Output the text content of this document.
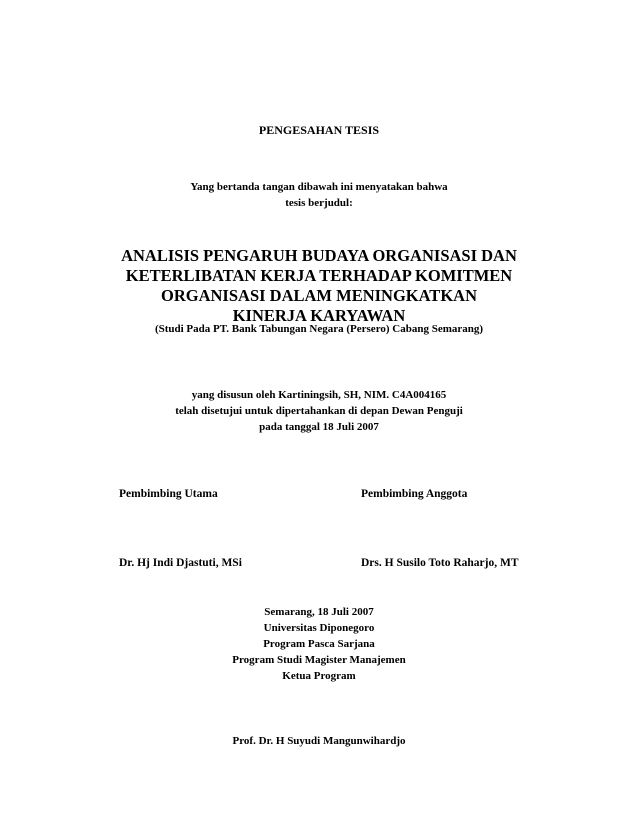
PENGESAHAN TESIS
Yang bertanda tangan dibawah ini menyatakan bahwa
tesis berjudul:
ANALISIS PENGARUH BUDAYA ORGANISASI DAN
KETERLIBATAN KERJA TERHADAP KOMITMEN
ORGANISASI DALAM MENINGKATKAN
KINERJA KARYAWAN
(Studi Pada PT. Bank Tabungan Negara (Persero) Cabang Semarang)
yang disusun oleh Kartiningsih, SH, NIM. C4A004165
telah disetujui untuk dipertahankan di depan Dewan Penguji
pada tanggal 18 Juli 2007
Pembimbing Utama	Pembimbing Anggota
Dr. Hj Indi Djastuti, MSi	Drs. H Susilo Toto Raharjo, MT
Semarang, 18 Juli 2007
Universitas Diponegoro
Program Pasca Sarjana
Program Studi Magister Manajemen
Ketua Program
Prof. Dr. H Suyudi Mangunwihardjo
